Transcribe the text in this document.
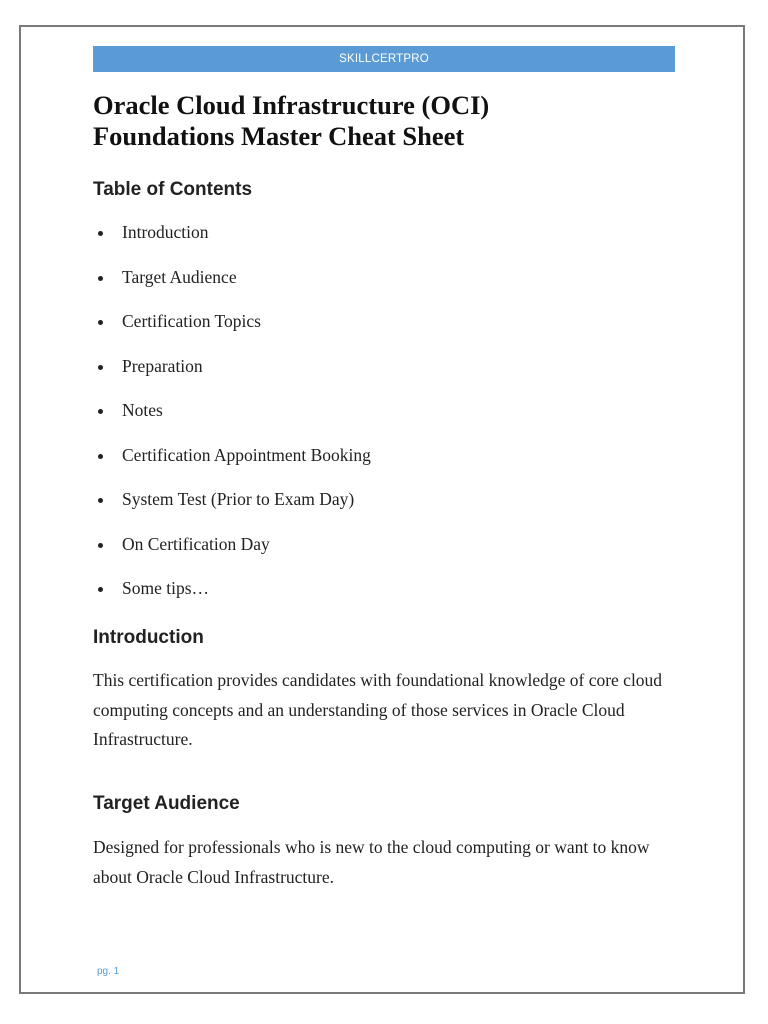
SKILLCERTPRO
Oracle Cloud Infrastructure (OCI)
Foundations Master Cheat Sheet
Table of Contents
Introduction
Target Audience
Certification Topics
Preparation
Notes
Certification Appointment Booking
System Test (Prior to Exam Day)
On Certification Day
Some tips…
Introduction

This certification provides candidates with foundational knowledge of core cloud computing concepts and an understanding of those services in Oracle Cloud Infrastructure.

Target Audience

Designed for professionals who is new to the cloud computing or want to know about Oracle Cloud Infrastructure.

pg. 1
